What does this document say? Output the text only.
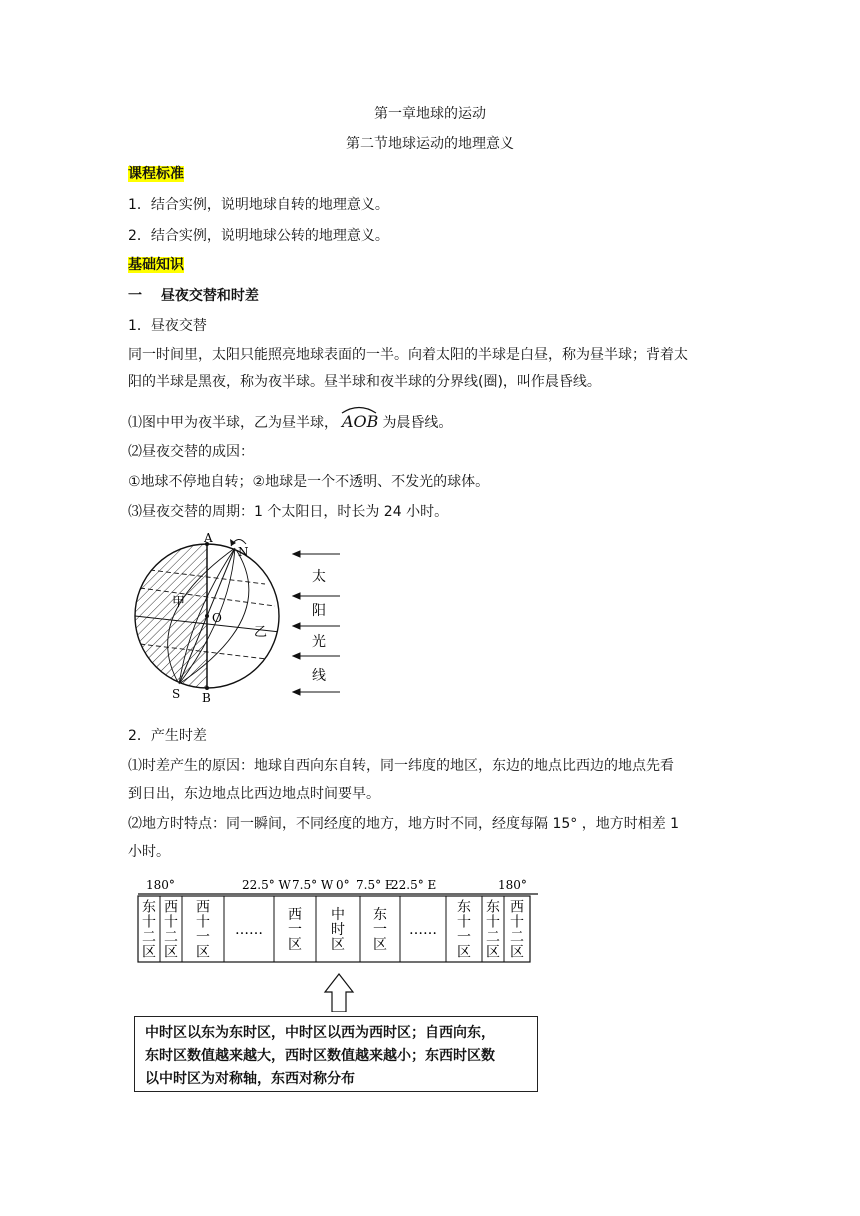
第一章地球的运动
第二节地球运动的地理意义
课程标准
1．结合实例，说明地球自转的地理意义。
2．结合实例，说明地球公转的地理意义。
基础知识
一　 昼夜交替和时差
1．昼夜交替
同一时间里，太阳只能照亮地球表面的一半。向着太阳的半球是白昼，称为昼半球；背着太
阳的半球是黑夜，称为夜半球。昼半球和夜半球的分界线(圈)，叫作晨昏线。
⑴图中甲为夜半球，乙为昼半球， AOB 为晨昏线。
⑵昼夜交替的成因：
①地球不停地自转；②地球是一个不透明、不发光的球体。
⑶昼夜交替的周期：1 个太阳日，时长为 24 小时。
A
N
O
S B
甲
乙
太
阳
光
线
2．产生时差
⑴时差产生的原因：地球自西向东自转，同一纬度的地区，东边的地点比西边的地点先看
到日出，东边地点比西边地点时间要早。
⑵地方时特点：同一瞬间，不同经度的地方，地方时不同，经度每隔 15° ，地方时相差 1
小时。
180°	22.5° W 7.5° W 0° 7.5° E
22.5° E	180°
东
十
二
区
西
十
二
区
西
十
一
区
……
西
一
区
中
时
区
东
一
区
……
东
十
一
区
东
十
二
区
西
十
二
区
中时区以东为东时区，中时区以西为西时区；自西向东，
东时区数值越来越大，西时区数值越来越小；东西时区数
以中时区为对称轴，东西对称分布
